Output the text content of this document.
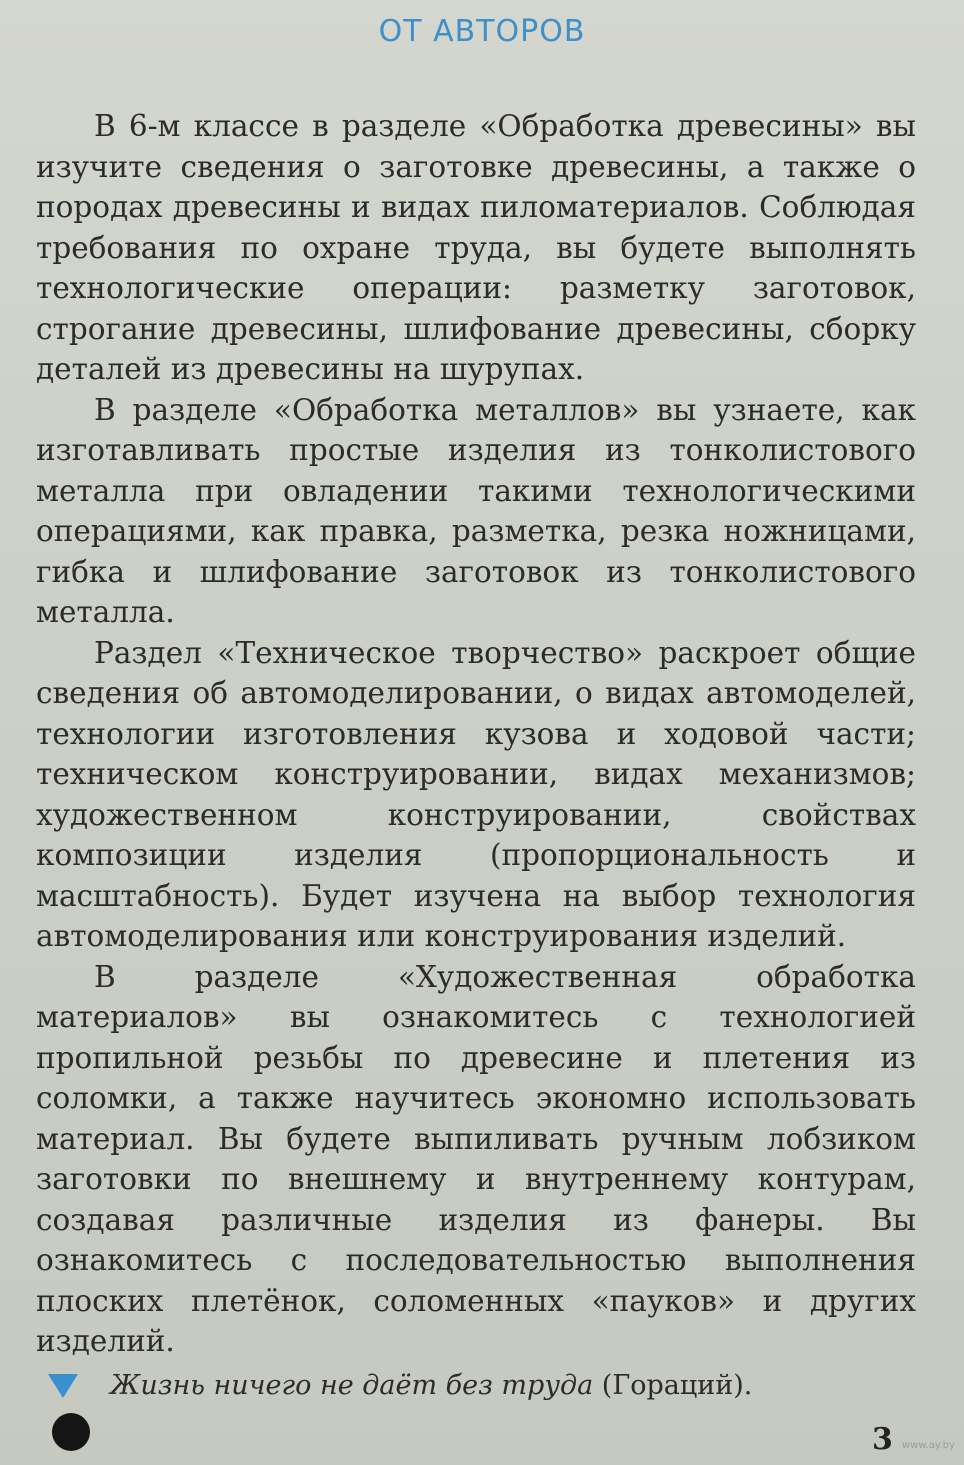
ОТ АВТОРОВ

В 6-м классе в разделе «Обработка древесины» вы изучите сведения о заготовке древесины, а также о породах древесины и видах пиломатериалов. Соблюдая требования по охране труда, вы будете выполнять технологические операции: разметку заготовок, строгание древесины, шлифование древесины, сборку деталей из древесины на шурупах.

В разделе «Обработка металлов» вы узнаете, как изготавливать простые изделия из тонколистового металла при овладении такими технологическими операциями, как правка, разметка, резка ножницами, гибка и шлифование заготовок из тонколистового металла.

Раздел «Техническое творчество» раскроет общие сведения об автомоделировании, о видах автомоделей, технологии изготовления кузова и ходовой части; техническом конструировании, видах механизмов; художественном конструировании, свойствах композиции изделия (пропорциональность и масштабность). Будет изучена на выбор технология автомоделирования или конструирования изделий.

В разделе «Художественная обработка материалов» вы ознакомитесь с технологией пропильной резьбы по древесине и плетения из соломки, а также научитесь экономно использовать материал. Вы будете выпиливать ручным лобзиком заготовки по внешнему и внутреннему контурам, создавая различные изделия из фанеры. Вы ознакомитесь с последовательностью выполнения плоских плетёнок, соломенных «пауков» и других изделий.

Жизнь ничего не даёт без труда (Гораций).
3 www.ay.by
